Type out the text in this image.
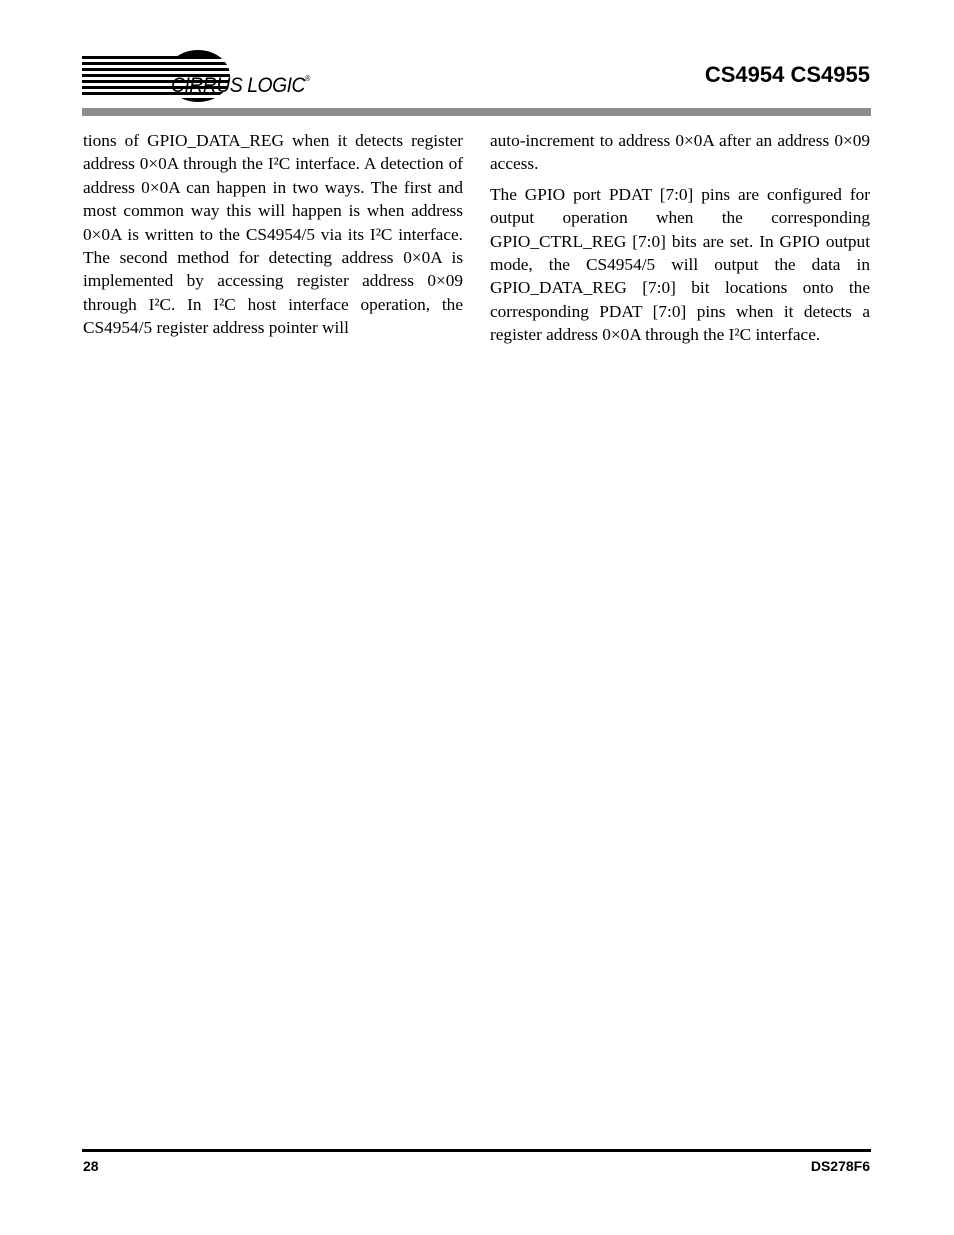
CIRRUS LOGIC®	CS4954 CS4955

tions of GPIO_DATA_REG when it detects register address 0×0A through the I²C interface. A detection of address 0×0A can happen in two ways. The first and most common way this will happen is when address 0×0A is written to the CS4954/5 via its I²C interface. The second method for detecting address 0×0A is implemented by accessing register address 0×09 through I²C. In I²C host interface operation, the CS4954/5 register address pointer will

auto-increment to address 0×0A after an address 0×09 access.

The GPIO port PDAT [7:0] pins are configured for output operation when the corresponding GPIO_CTRL_REG [7:0] bits are set. In GPIO output mode, the CS4954/5 will output the data in GPIO_DATA_REG [7:0] bit locations onto the corresponding PDAT [7:0] pins when it detects a register address 0×0A through the I²C interface.

28	DS278F6
